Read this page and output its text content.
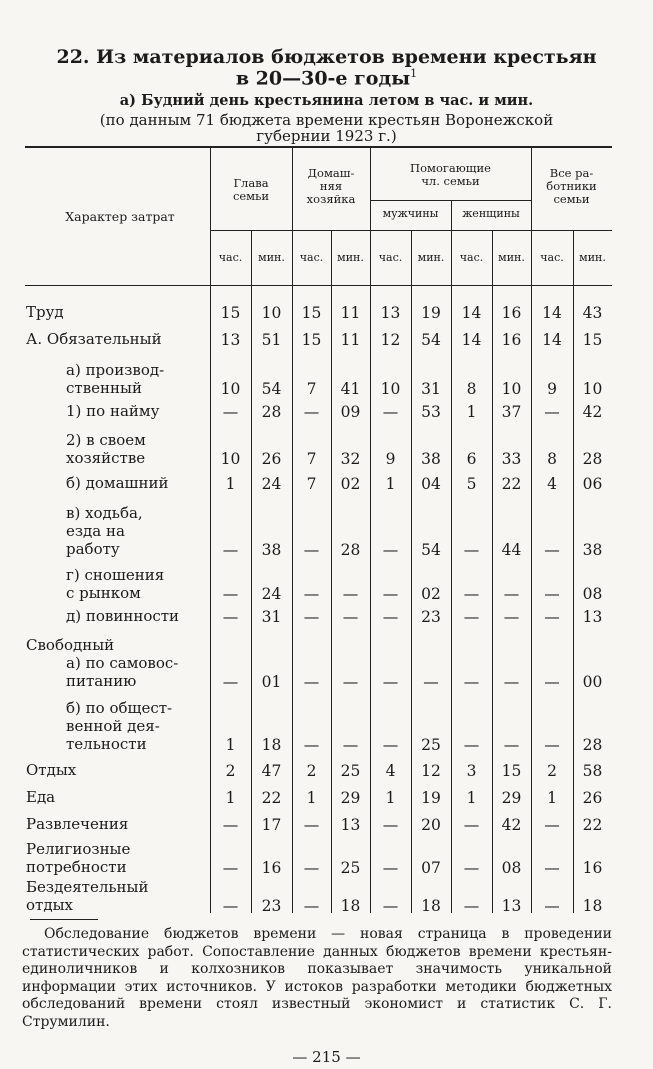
22. Из материалов бюджетов времени крестьян
в 20—30-е годы$^1$
а) Будний день крестьянина летом в час. и мин.
(по данным 71 бюджета времени крестьян Воронежской
губернии 1923 г.)
Характер затрат
Глава
семьи
Домаш-
няя
хозяйка
Помогающие
чл. семьи
Все ра-
ботники
семьи
мужчины	женщины
час.	мин.	час.	мин.	час.	мин.	час.	мин.	час.	мин.
Труд	15	10	15	11	13	19	14	16	14	43
А. Обязательный	13	51	15	11	12	54	14	16	14	15
а) производ-
ственный	10	54	7	41	10	31	8	10	9	10
1) по найму	—	28	—	09	—	53	1	37	—	42
2) в своем
хозяйстве	10	26	7	32	9	38	6	33	8	28
б) домашний	1	24	7	02	1	04	5	22	4	06
в) ходьба,
езда на
работу	—	38	—	28	—	54	—	44	—	38
г) сношения
с рынком	—	24	—	—	—	02	—	—	—	08
д) повинности	—	31	—	—	—	23	—	—	—	13
Свободный
а) по самовос-
питанию	—	01	—	—	—	—	—	—	—	00
б) по общест-
венной дея-
тельности	1	18	—	—	—	25	—	—	—	28
Отдых	2	47	2	25	4	12	3	15	2	58
Еда	1	22	1	29	1	19	1	29	1	26
Развлечения	—	17	—	13	—	20	—	42	—	22
Религиозные
потребности	—	16	—	25	—	07	—	08	—	16
Бездеятельный
отдых	—	23	—	18	—	18	—	13	—	18

Обследование бюджетов времени — новая страница в проведении статистических работ. Сопоставление данных бюджетов времени крестьян-единоличников и колхозников показывает значимость уникальной информации этих источников. У истоков разработки методики бюджетных обследований времени стоял известный экономист и статистик С. Г. Струмилин.

— 215 —
